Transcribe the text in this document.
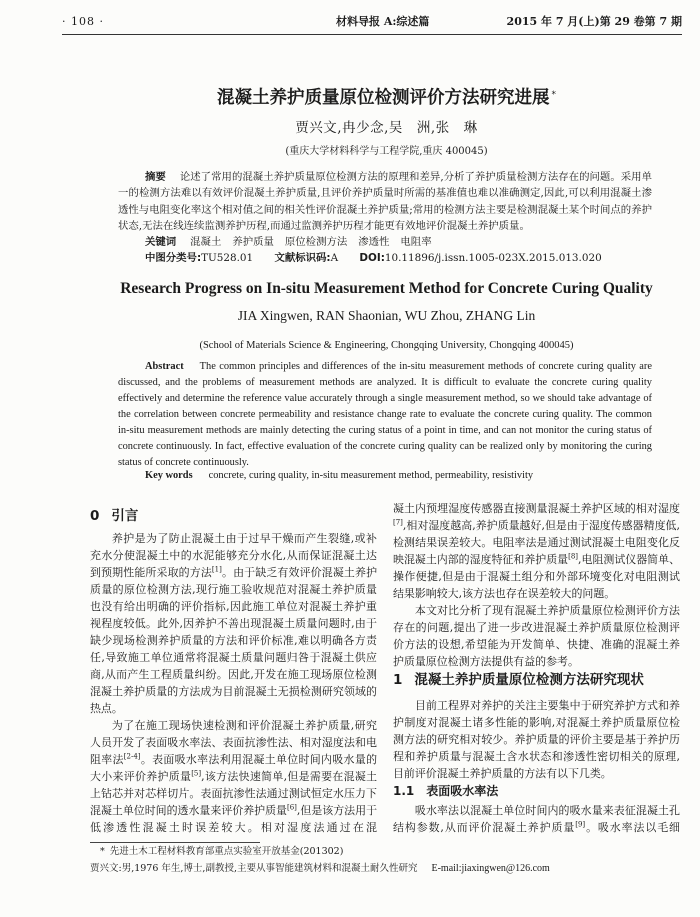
· 108 ·	材料导报 A:综述篇	2015 年 7 月(上)第 29 卷第 7 期
混凝土养护质量原位检测评价方法研究进展 *
贾兴文,冉少念,吴　洲,张　琳
(重庆大学材料科学与工程学院,重庆 400045)
摘要 论述了常用的混凝土养护质量原位检测方法的原理和差异,分析了养护质量检测方法存在的问题。采用单一的检测方法难以有效评价混凝土养护质量,且评价养护质量时所需的基准值也难以准确测定,因此,可以利用混凝土渗透性与电阻变化率这个相对值之间的相关性评价混凝土养护质量;常用的检测方法主要是检测混凝土某个时间点的养护状态,无法在线连续监测养护历程,而通过监测养护历程才能更有效地评价混凝土养护质量。
关键词 混凝土 养护质量 原位检测方法 渗透性 电阻率
中图分类号:TU528.01 文献标识码:A DOI:10.11896/j.issn.1005-023X.2015.013.020
Research Progress on In-situ Measurement Method for Concrete Curing Quality
JIA Xingwen, RAN Shaonian, WU Zhou, ZHANG Lin
(School of Materials Science & Engineering, Chongqing University, Chongqing 400045)
Abstract The common principles and differences of the in-situ measurement methods of concrete curing quality are discussed, and the problems of measurement methods are analyzed. It is difficult to evaluate the concrete curing quality effectively and determine the reference value accurately through a single measurement method, so we should take advantage of the correlation between concrete permeability and resistance change rate to evaluate the concrete curing quality. The common in-situ measurement methods are mainly detecting the curing status of a point in time, and can not monitor the curing status of concrete continuously. In fact, effective evaluation of the concrete curing quality can be realized only by monitoring the curing status of concrete continuously.
Key words concrete, curing quality, in-situ measurement method, permeability, resistivity
0 引言

养护是为了防止混凝土由于过早干燥而产生裂缝,或补充水分使混凝土中的水泥能够充分水化,从而保证混凝土达到预期性能所采取的方法[1]。由于缺乏有效评价混凝土养护质量的原位检测方法,现行施工验收规范对混凝土养护质量也没有给出明确的评价指标,因此施工单位对混凝土养护重视程度较低。此外,因养护不善出现混凝土质量问题时,由于缺少现场检测养护质量的方法和评价标准,难以明确各方责任,导致施工单位通常将混凝土质量问题归咎于混凝土供应商,从而产生工程质量纠纷。因此,开发在施工现场原位检测混凝土养护质量的方法成为目前混凝土无损检测研究领域的热点。

为了在施工现场快速检测和评价混凝土养护质量,研究人员开发了表面吸水率法、表面抗渗性法、相对湿度法和电阻率法[2-4]。表面吸水率法利用混凝土单位时间内吸水量的大小来评价养护质量[5],该方法快速简单,但是需要在混凝土上钻芯并对芯样切片。表面抗渗性法通过测试恒定水压力下混凝土单位时间的透水量来评价养护质量[6],但是该方法用于低渗透性混凝土时误差较大。相对湿度法通过在混

凝土内预埋湿度传感器直接测量混凝土养护区域的相对湿度[7],相对湿度越高,养护质量越好,但是由于湿度传感器精度低,检测结果误差较大。电阻率法是通过测试混凝土电阻变化反映混凝土内部的湿度特征和养护质量[8],电阻测试仪器简单、操作便捷,但是由于混凝土组分和外部环境变化对电阻测试结果影响较大,该方法也存在误差较大的问题。

本文对比分析了现有混凝土养护质量原位检测评价方法存在的问题,提出了进一步改进混凝土养护质量原位检测评价方法的设想,希望能为开发简单、快捷、准确的混凝土养护质量原位检测方法提供有益的参考。

1 混凝土养护质量原位检测方法研究现状

目前工程界对养护的关注主要集中于研究养护方式和养护制度对混凝土诸多性能的影响,对混凝土养护质量原位检测方法的研究相对较少。养护质量的评价主要是基于养护历程和养护质量与混凝土含水状态和渗透性密切相关的原理,目前评价混凝土养护质量的方法有以下几类。

1.1 表面吸水率法

吸水率法以混凝土单位时间内的吸水量来表征混凝土孔结构参数,从而评价混凝土养护质量[9]。吸水率法以毛细

* 先进土木工程材料教育部重点实验室开放基金(201302)
贾兴文:男,1976 年生,博士,副教授,主要从事智能建筑材料和混凝土耐久性研究 E-mail:jiaxingwen@126.com
